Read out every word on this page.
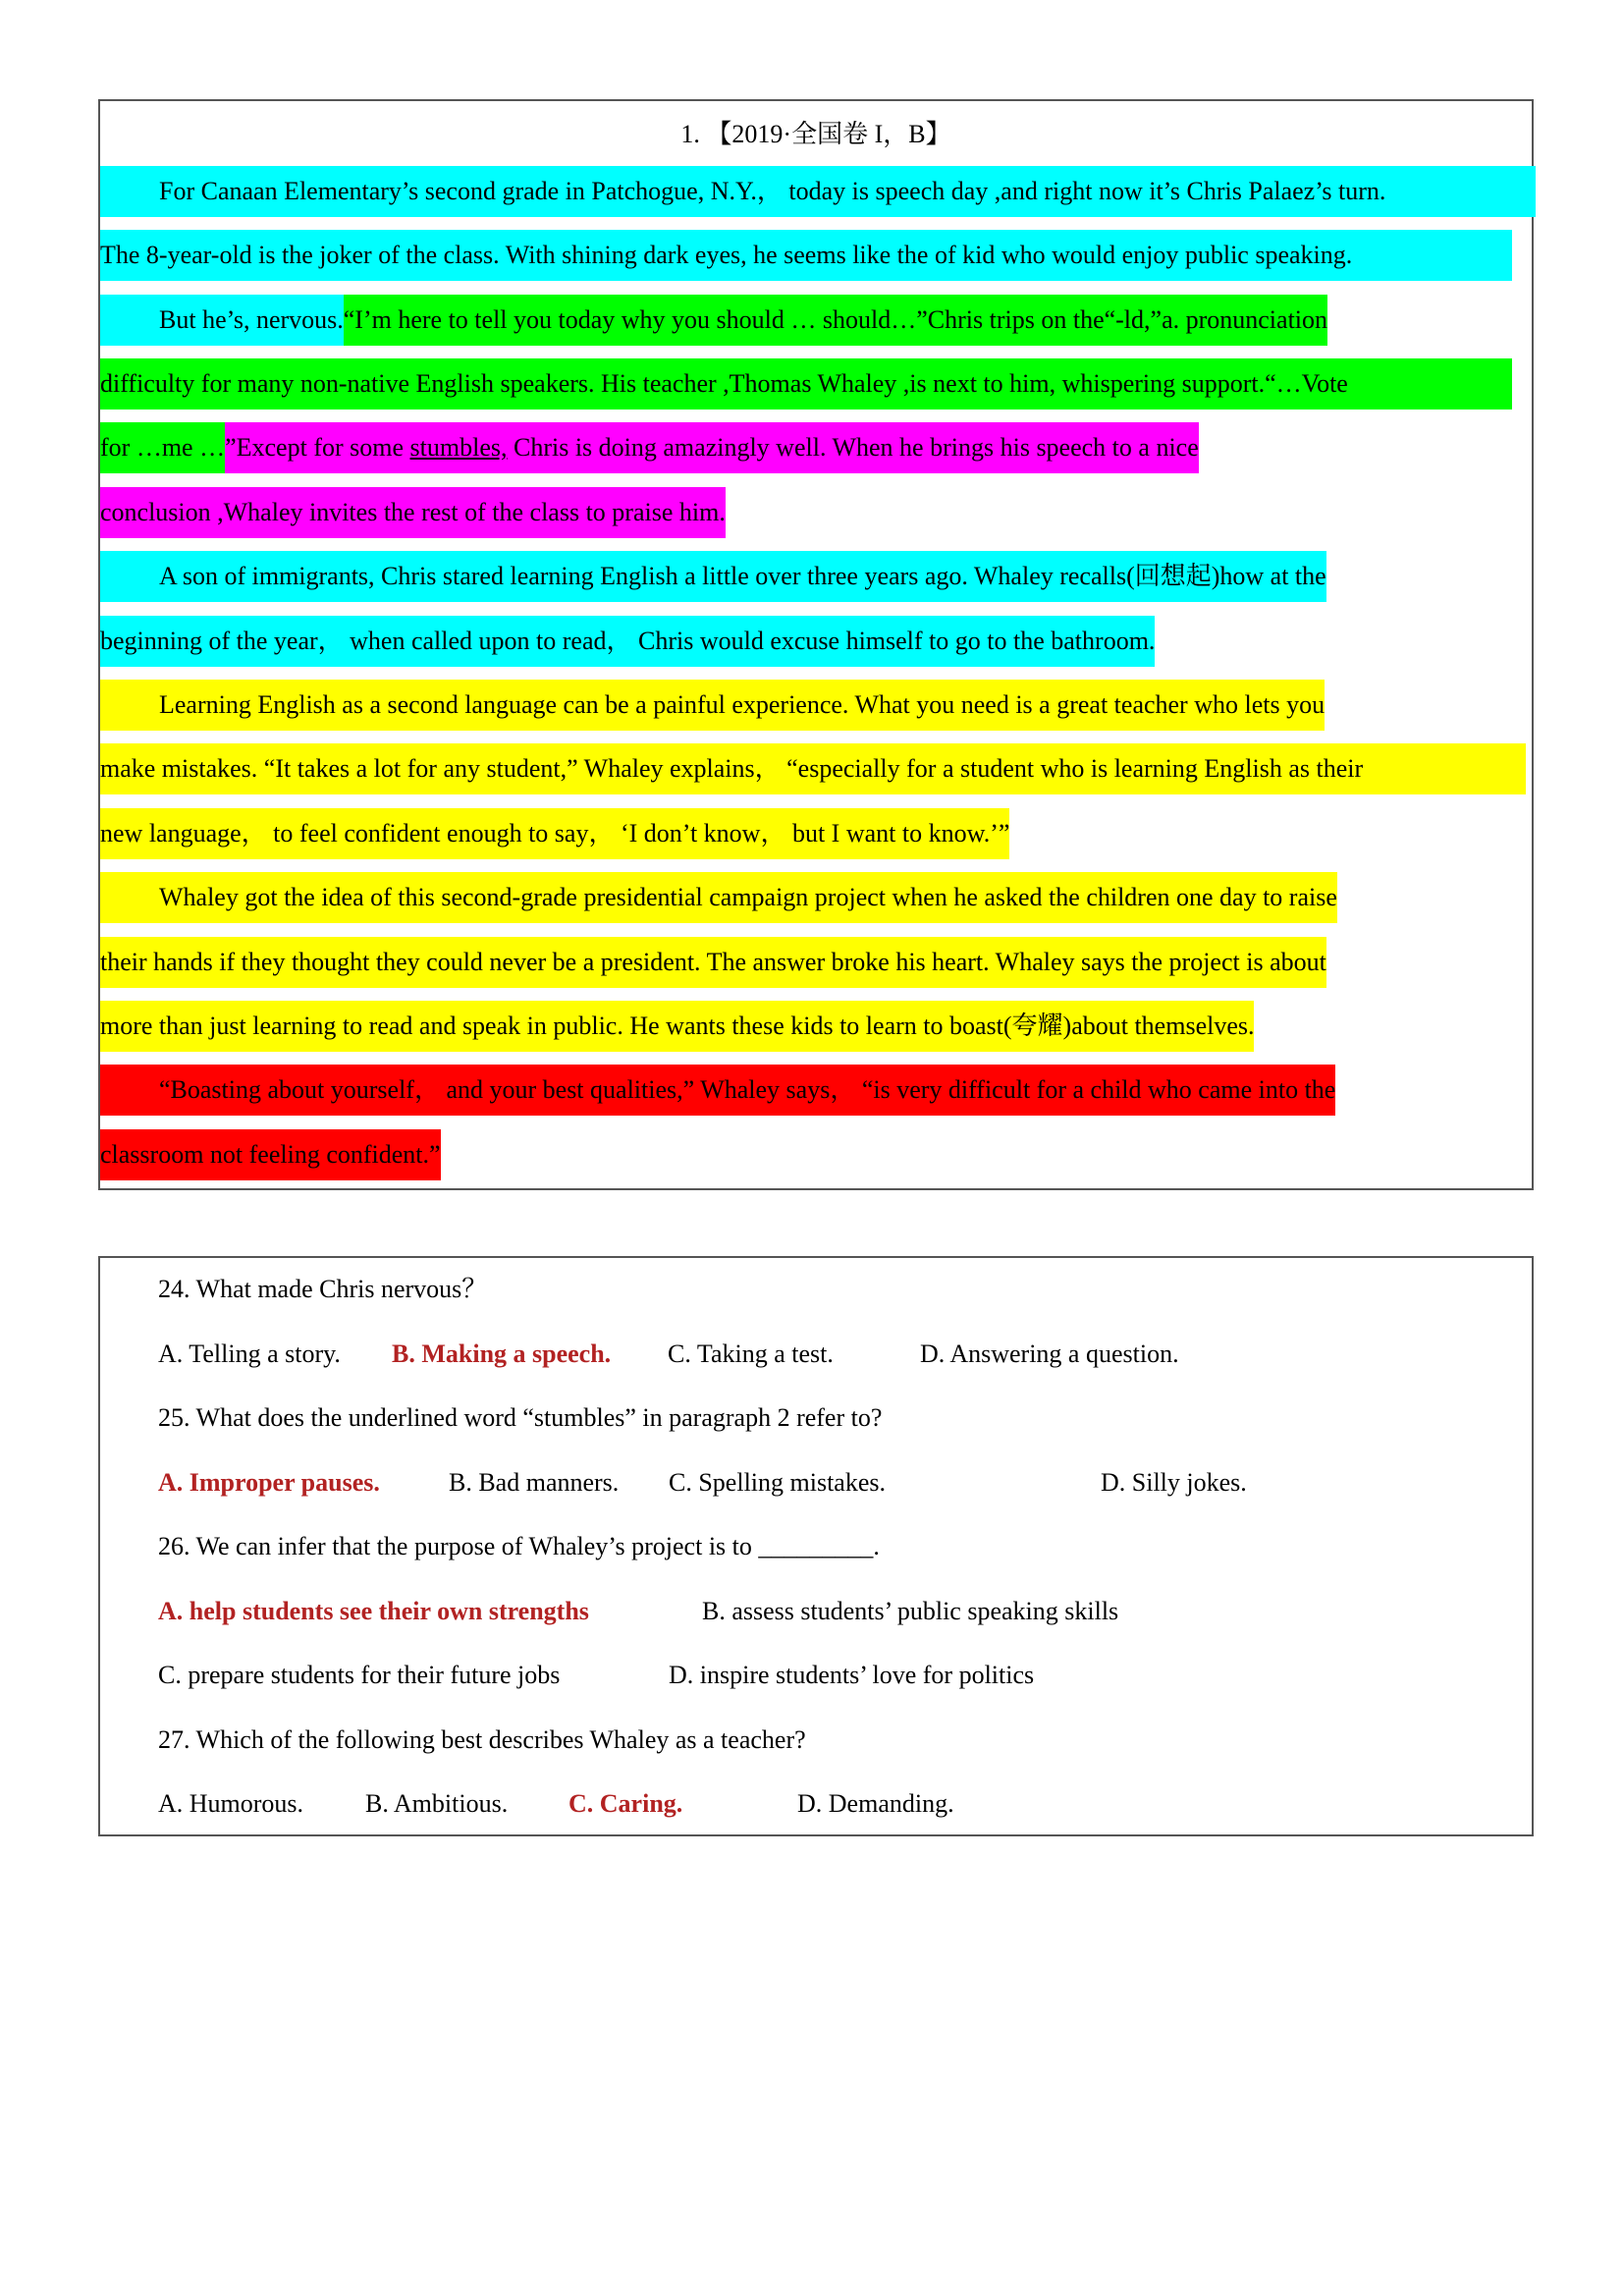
1. 【2019·全国卷 I，B】
For Canaan Elementary’s second grade in Patchogue, N.Y.， today is speech day ,and right now it’s Chris Palaez’s turn.
The 8-year-old is the joker of the class. With shining dark eyes, he seems like the of kid who would enjoy public speaking.
But he’s, nervous.“I’m here to tell you today why you should … should…”Chris trips on the“-ld,”a. pronunciation
difficulty for many non-native English speakers. His teacher ,Thomas Whaley ,is next to him, whispering support.“…Vote
for …me …”Except for some stumbles, Chris is doing amazingly well. When he brings his speech to a nice
conclusion ,Whaley invites the rest of the class to praise him.
A son of immigrants, Chris stared learning English a little over three years ago. Whaley recalls(回想起)how at the
beginning of the year， when called upon to read， Chris would excuse himself to go to the bathroom.
Learning English as a second language can be a painful experience. What you need is a great teacher who lets you
make mistakes. “It takes a lot for any student,” Whaley explains， “especially for a student who is learning English as their
new language， to feel confident enough to say， ‘I don’t know， but I want to know.’”
Whaley got the idea of this second-grade presidential campaign project when he asked the children one day to raise
their hands if they thought they could never be a president. The answer broke his heart. Whaley says the project is about
more than just learning to read and speak in public. He wants these kids to learn to boast(夸耀)about themselves.
“Boasting about yourself， and your best qualities,” Whaley says， “is very difficult for a child who came into the
classroom not feeling confident.”
24. What made Chris nervous？
A. Telling a story. B. Making a speech. C. Taking a test.	D. Answering a question.
25. What does the underlined word “stumbles” in paragraph 2 refer to?
A. Improper pauses.	B. Bad manners. C. Spelling mistakes.	D. Silly jokes.
26. We can infer that the purpose of Whaley’s project is to _________.
A. help students see their own strengths	B. assess students’ public speaking skills
C. prepare students for their future jobs	D. inspire students’ love for politics
27. Which of the following best describes Whaley as a teacher?
A. Humorous. B. Ambitious. C. Caring.	D. Demanding.
